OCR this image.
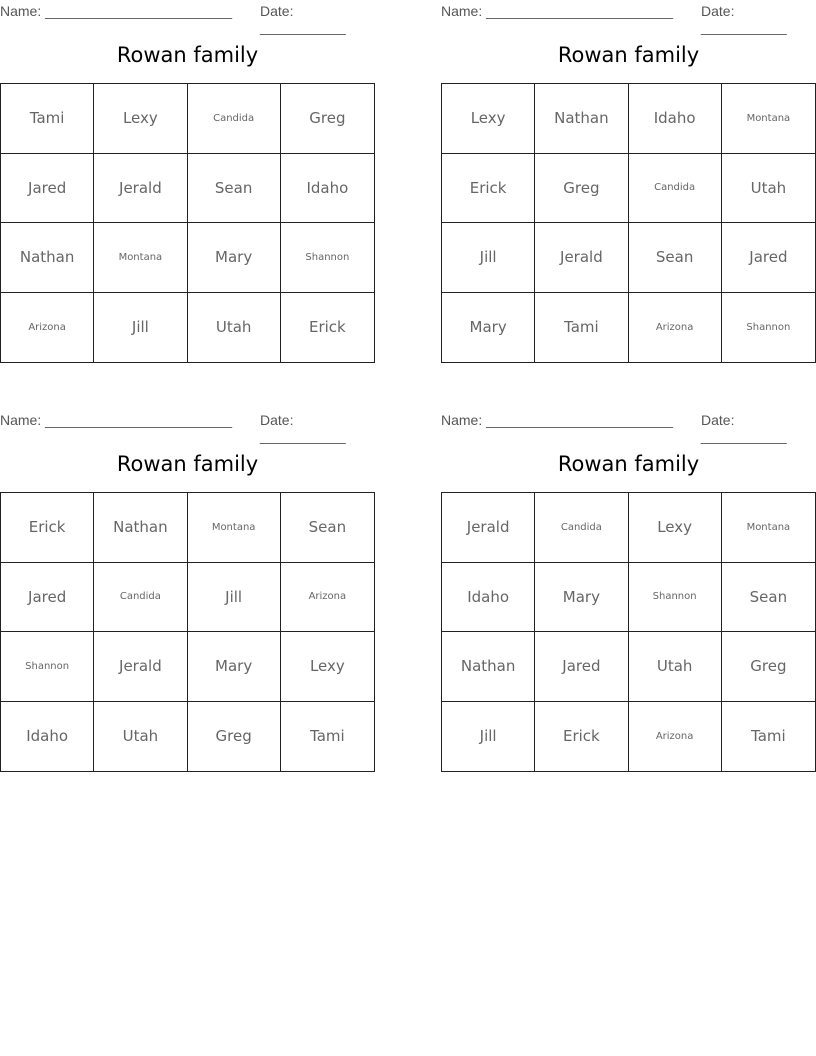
Name: ________________________ Date: ___________
Rowan family
Tami	Lexy	Candida	Greg
Jared	Jerald	Sean	Idaho
Nathan	Montana	Mary	Shannon
Arizona	Jill	Utah	Erick
Name: ________________________ Date: ___________
Rowan family
Lexy	Nathan	Idaho	Montana
Erick	Greg	Candida	Utah
Jill	Jerald	Sean	Jared
Mary	Tami	Arizona	Shannon
Name: ________________________ Date: ___________
Rowan family
Erick	Nathan	Montana	Sean
Jared	Candida	Jill	Arizona
Shannon	Jerald	Mary	Lexy
Idaho	Utah	Greg	Tami
Name: ________________________ Date: ___________
Rowan family
Jerald	Candida	Lexy	Montana
Idaho	Mary	Shannon	Sean
Nathan	Jared	Utah	Greg
Jill	Erick	Arizona	Tami
